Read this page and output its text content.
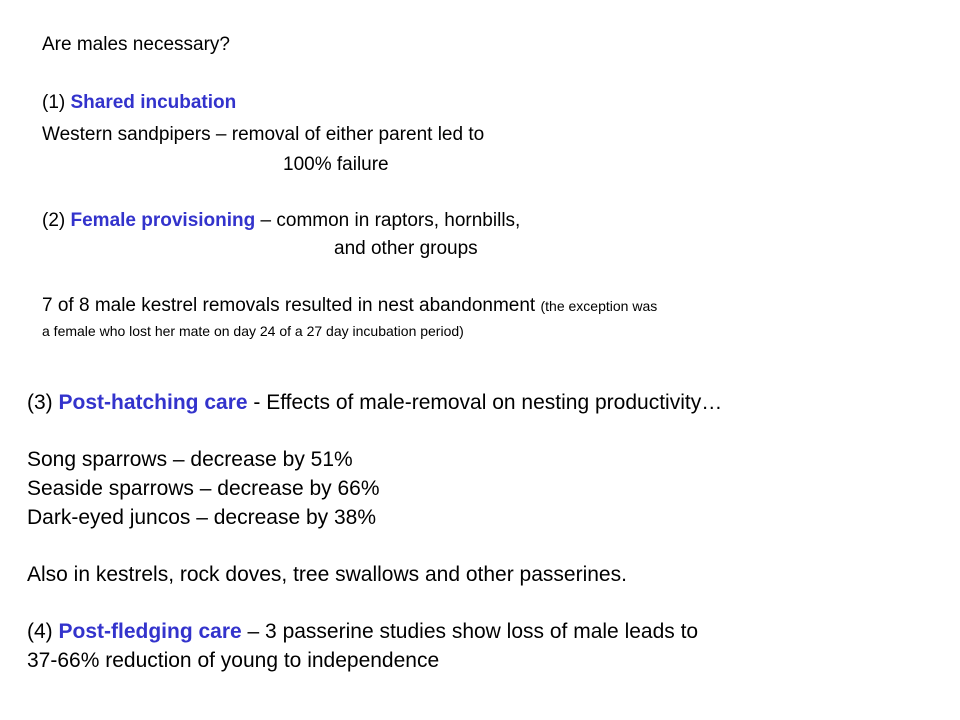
Are males necessary?
(1) Shared incubation
Western sandpipers – removal of either parent led to
100% failure
(2) Female provisioning – common in raptors, hornbills,
and other groups
7 of 8 male kestrel removals resulted in nest abandonment (the exception was
a female who lost her mate on day 24 of a 27 day incubation period)
(3) Post-hatching care - Effects of male-removal on nesting productivity…
Song sparrows – decrease by 51%
Seaside sparrows – decrease by 66%
Dark-eyed juncos – decrease by 38%
Also in kestrels, rock doves, tree swallows and other passerines.
(4) Post-fledging care – 3 passerine studies show loss of male leads to
37-66% reduction of young to independence
